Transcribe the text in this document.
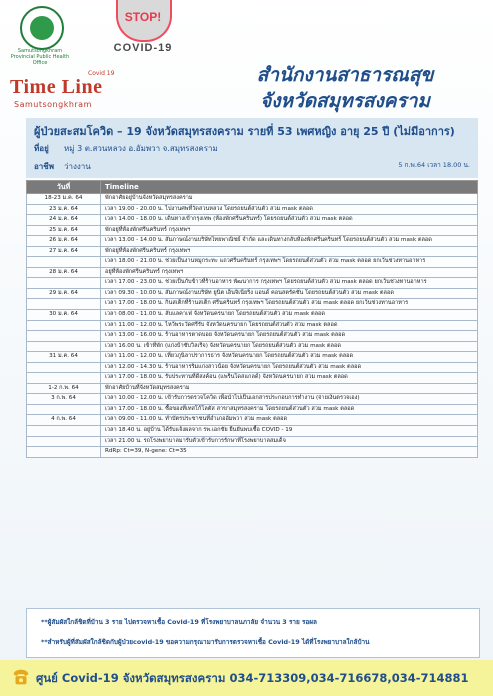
Samutsongkhram Provincial Public Health Office
STOP!
COVID-19
Covid 19
Time Line
Samutsongkhram
สำนักงานสาธารณสุข
จังหวัดสมุทรสงคราม
ผู้ป่วยสะสมโควิด – 19 จังหวัดสมุทรสงคราม รายที่ 53 เพศหญิง อายุ 25 ปี (ไม่มีอาการ)
ที่อยู่ หมู่ 3 ต.สวนหลวง อ.อัมพวา จ.สมุทรสงคราม
อาชีพ ว่างงาน	5 ก.พ.64 เวลา 18.00 น.
วันที่	Timeline
18-23 ม.ค. 64	พักอาศัยอยู่บ้านจังหวัดสมุทรสงคราม
23 ม.ค. 64	เวลา 19.00 - 20.00 น. ไปงานศพที่วัดสวนหลวง โดยรถยนต์ส่วนตัว สวม mask ตลอด
24 ม.ค. 64	เวลา 14.00 - 18.00 น. เดินทางเข้ากรุงเทพ (ห้องพักศรีนครินทร์) โดยรถยนต์ส่วนตัว สวม mask ตลอด
25 ม.ค. 64	พักอยู่ที่ห้องพักศรีนครินทร์ กรุงเทพฯ
26 ม.ค. 64	เวลา 13.00 - 14.00 น. สัมภาษณ์งานบริษัทไทยพาณิชย์ จำกัด และเดินทางกลับห้องพักศรีนครินทร์ โดยรถยนต์ส่วนตัว สวม mask ตลอด
27 ม.ค. 64	พักอยู่ที่ห้องพักศรีนครินทร์ กรุงเทพฯ
	เวลา 18.00 - 21.00 น. ช่วยเป็นงานหมูกระทะ แถวศรีนครินทร์ กรุงเทพฯ โดยรถยนต์ส่วนตัว สวม mask ตลอด ยกเว้นช่วงทานอาหาร
28 ม.ค. 64	อยู่ที่ห้องพักศรีนครินทร์ กรุงเทพฯ
	เวลา 17.00 - 23.00 น. ช่วยเป็นกับข้าวที่ร้านอาหาร พัฒนาการ กรุงเทพฯ โดยรถยนต์ส่วนตัว สวม mask ตลอด ยกเว้นช่วงทานอาหาร
29 ม.ค. 64	เวลา 09.30 - 10.00 น. สัมภาษณ์งานบริษัท ยูนิต เอ็นจิเนียริ่ง แอนด์ คอนสตรัคชั่น โดยรถยนต์ส่วนตัว สวม mask ตลอด
	เวลา 17.00 - 18.00 น. กินสเต็กที่ร้านสเต็ก ศรีนครินทร์ กรุงเทพฯ โดยรถยนต์ส่วนตัว สวม mask ตลอด ยกเว้นช่วงทานอาหาร
30 ม.ค. 64	เวลา 08.00 - 11.00 น. ลับแลคาเฟ่ จังหวัดนครนายก โดยรถยนต์ส่วนตัว สวม mask ตลอด
	เวลา 11.00 - 12.00 น. ไหว้พระวัดศรีรับ จังหวัดนครนายก โดยรถยนต์ส่วนตัว สวม mask ตลอด
	เวลา 13.00 - 16.00 น. ร้านอาหารตาดบอย จังหวัดนครนายก โดยรถยนต์ส่วนตัว สวม mask ตลอด
	เวลา 16.00 น. เข้าที่พัก (แก่งบ้าซับวิลเรีจ) จังหวัดนครนายก โดยรถยนต์ส่วนตัว สวม mask ตลอด
31 ม.ค. 64	เวลา 11.00 - 12.00 น. เที่ยวภูนิลาปราการธาร จังหวัดนครนายก โดยรถยนต์ส่วนตัว สวม mask ตลอด
	เวลา 12.00 - 14.30 น. ร้านอาหารริมแก่งสาวน้อย จังหวัดนครนายก โดยรถยนต์ส่วนตัว สวม mask ตลอด
	เวลา 17.00 - 18.00 น. รับประทานที่ดีสงค์อน (แพร็นโดสแกลด์) จังหวัดนครนายก สวม mask ตลอด
1-2 ก.พ. 64	พักอาศัยบ้านที่จังหวัดสมุทรสงคราม
3 ก.พ. 64	เวลา 10.00 - 12.00 น. เข้ารับการตรวจโควิด เพื่อนำไปเป็นเอกสารประกอบการทำงาน (จ่ายเงินตรวจเอง)
	เวลา 17.00 - 18.00 น. ซื้อของที่เทสโก้โลตัส สาขาสมุทรสงคราม โดยรถยนต์ส่วนตัว สวม mask ตลอด
4 ก.พ. 64	เวลา 09.00 - 11.00 น. ทำบัตรประชาชนที่อำเภออัมพวา สวม mask ตลอด
	เวลา 18.40 น. อยู่บ้าน ได้รับแจ้งผลจาก รพ.เอกชัย ยืนยันพบเชื้อ COVID - 19
	เวลา 21.00 น. รถโรงพยาบาลมารับตัวเข้ารับการรักษาที่โรงพยาบาลสมเด็จ
	RdRp: Ct=39, N-gene: Ct=35
**ผู้สัมผัสใกล้ชิดที่บ้าน 3 ราย ไปตรวจหาเชื้อ Covid-19 ที่โรงพยาบาลนภาลัย จำนวน 3 ราย รอผล
**สำหรับผู้ที่สัมผัสใกล้ชิดกับผู้ป่วยcovid-19 ขอความกรุณามารับการตรวจหาเชื้อ Covid-19 ได้ที่โรงพยาบาลใกล้บ้าน
ศูนย์ Covid-19 จังหวัดสมุทรสงคราม 034-713309,034-716678,034-714881
